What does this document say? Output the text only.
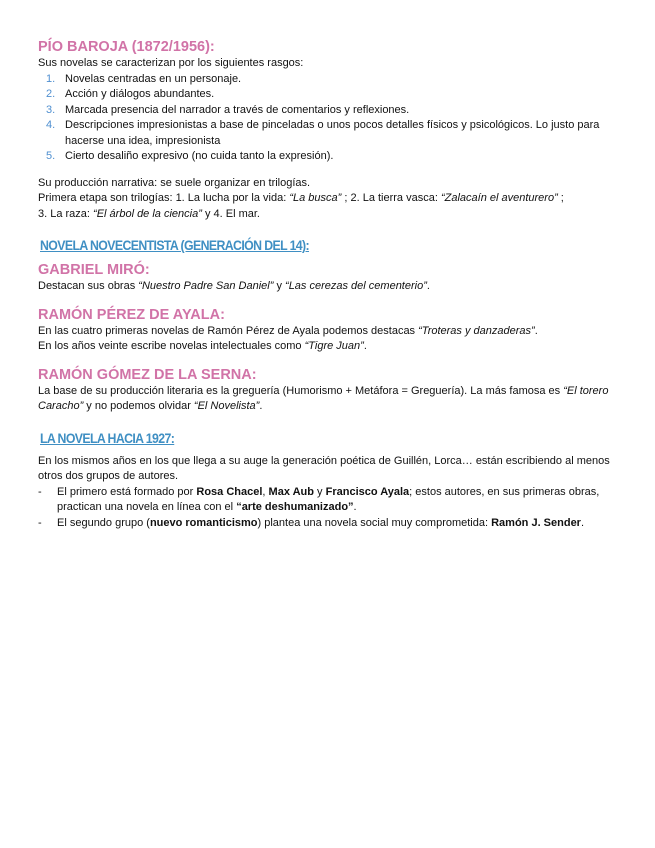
PÍO BAROJA (1872/1956):

Sus novelas se caracterizan por los siguientes rasgos:

1. Novelas centradas en un personaje.
2. Acción y diálogos abundantes.
3. Marcada presencia del narrador a través de comentarios y reflexiones.
4. Descripciones impresionistas a base de pinceladas o unos pocos detalles físicos y psicológicos. Lo justo para hacerse una idea, impresionista
5. Cierto desaliño expresivo (no cuida tanto la expresión).

Su producción narrativa: se suele organizar en trilogías.
Primera etapa son trilogías: 1. La lucha por la vida: “La busca” ; 2. La tierra vasca: “Zalacaín el aventurero” ;
3. La raza: “El árbol de la ciencia” y 4. El mar.

NOVELA NOVECENTISTA (GENERACIÓN DEL 14):
GABRIEL MIRÓ:

Destacan sus obras “Nuestro Padre San Daniel” y “Las cerezas del cementerio”.

RAMÓN PÉREZ DE AYALA:

En las cuatro primeras novelas de Ramón Pérez de Ayala podemos destacas “Troteras y danzaderas”.
En los años veinte escribe novelas intelectuales como “Tigre Juan”.

RAMÓN GÓMEZ DE LA SERNA:

La base de su producción literaria es la greguería (Humorismo + Metáfora = Greguería). La más famosa es “El torero Caracho” y no podemos olvidar “El Novelista”.

LA NOVELA HACIA 1927:

En los mismos años en los que llega a su auge la generación poética de Guillén, Lorca… están escribiendo al menos otros dos grupos de autores.

- El primero está formado por Rosa Chacel, Max Aub y Francisco Ayala; estos autores, en sus primeras obras, practican una novela en línea con el “arte deshumanizado”.
- El segundo grupo (nuevo romanticismo) plantea una novela social muy comprometida: Ramón J. Sender.
